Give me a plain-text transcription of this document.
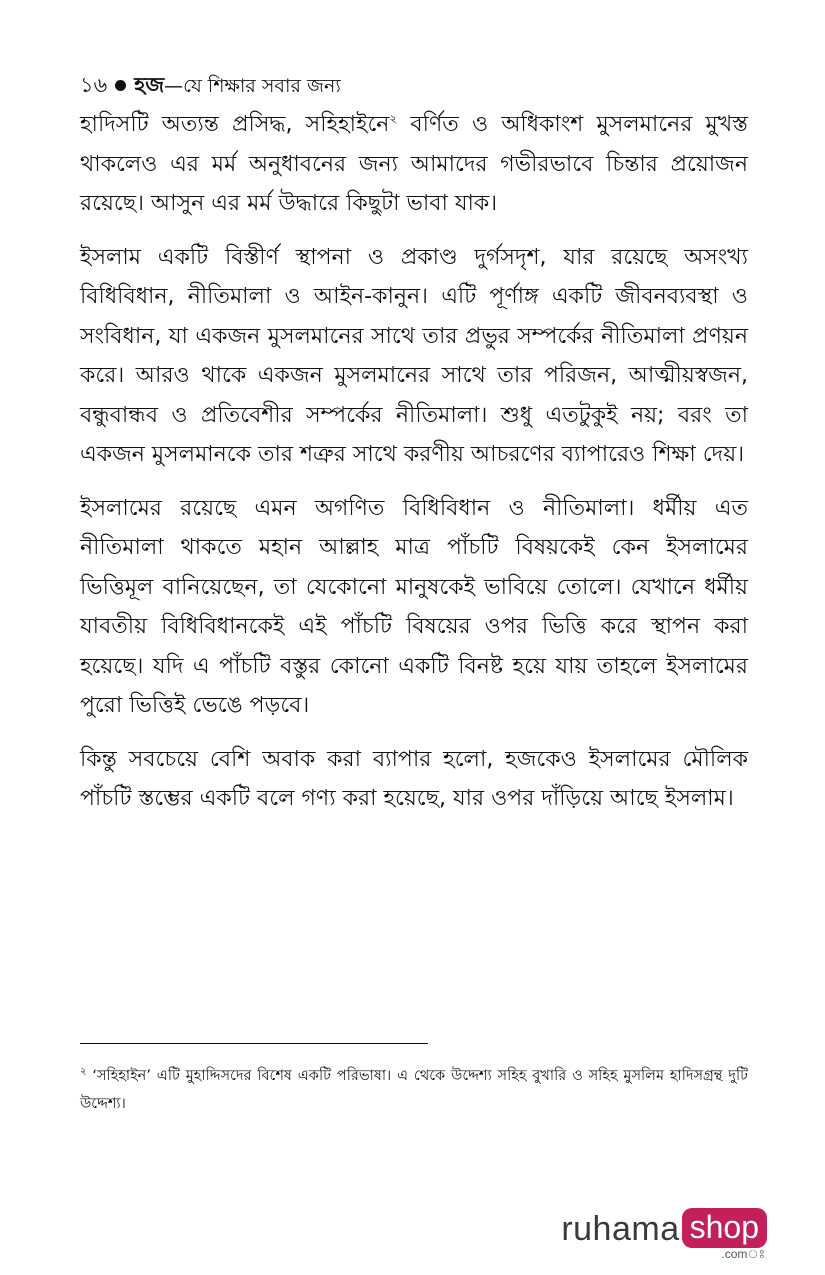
১৬ হজ—যে শিক্ষার সবার জন্য

হাদিসটি অত্যন্ত প্রসিদ্ধ, সহিহাইনে$^২$ বর্ণিত ও অধিকাংশ মুসলমানের মুখস্ত থাকলেও এর মর্ম অনুধাবনের জন্য আমাদের গভীরভাবে চিন্তার প্রয়োজন রয়েছে। আসুন এর মর্ম উদ্ধারে কিছুটা ভাবা যাক।

ইসলাম একটি বিস্তীর্ণ স্থাপনা ও প্রকাণ্ড দুর্গসদৃশ, যার রয়েছে অসংখ্য বিধিবিধান, নীতিমালা ও আইন-কানুন। এটি পূর্ণাঙ্গ একটি জীবনব্যবস্থা ও সংবিধান, যা একজন মুসলমানের সাথে তার প্রভুর সম্পর্কের নীতিমালা প্রণয়ন করে। আরও থাকে একজন মুসলমানের সাথে তার পরিজন, আত্মীয়স্বজন, বন্ধুবান্ধব ও প্রতিবেশীর সম্পর্কের নীতিমালা। শুধু এতটুকুই নয়; বরং তা একজন মুসলমানকে তার শত্রুর সাথে করণীয় আচরণের ব্যাপারেও শিক্ষা দেয়।

ইসলামের রয়েছে এমন অগণিত বিধিবিধান ও নীতিমালা। ধর্মীয় এত নীতিমালা থাকতে মহান আল্লাহ মাত্র পাঁচটি বিষয়কেই কেন ইসলামের ভিত্তিমূল বানিয়েছেন, তা যেকোনো মানুষকেই ভাবিয়ে তোলে। যেখানে ধর্মীয় যাবতীয় বিধিবিধানকেই এই পাঁচটি বিষয়ের ওপর ভিত্তি করে স্থাপন করা হয়েছে। যদি এ পাঁচটি বস্তুর কোনো একটি বিনষ্ট হয়ে যায় তাহলে ইসলামের পুরো ভিত্তিই ভেঙে পড়বে।

কিন্তু সবচেয়ে বেশি অবাক করা ব্যাপার হলো, হজকেও ইসলামের মৌলিক পাঁচটি স্তম্ভের একটি বলে গণ্য করা হয়েছে, যার ওপর দাঁড়িয়ে আছে ইসলাম।

$^২$ ‘সহিহাইন’ এটি মুহাদ্দিসদের বিশেষ একটি পরিভাষা। এ থেকে উদ্দেশ্য সহিহ বুখারি ও সহিহ মুসলিম হাদিসগ্রন্থ দুটি উদ্দেশ্য।
ruhama shop
.comঃ
